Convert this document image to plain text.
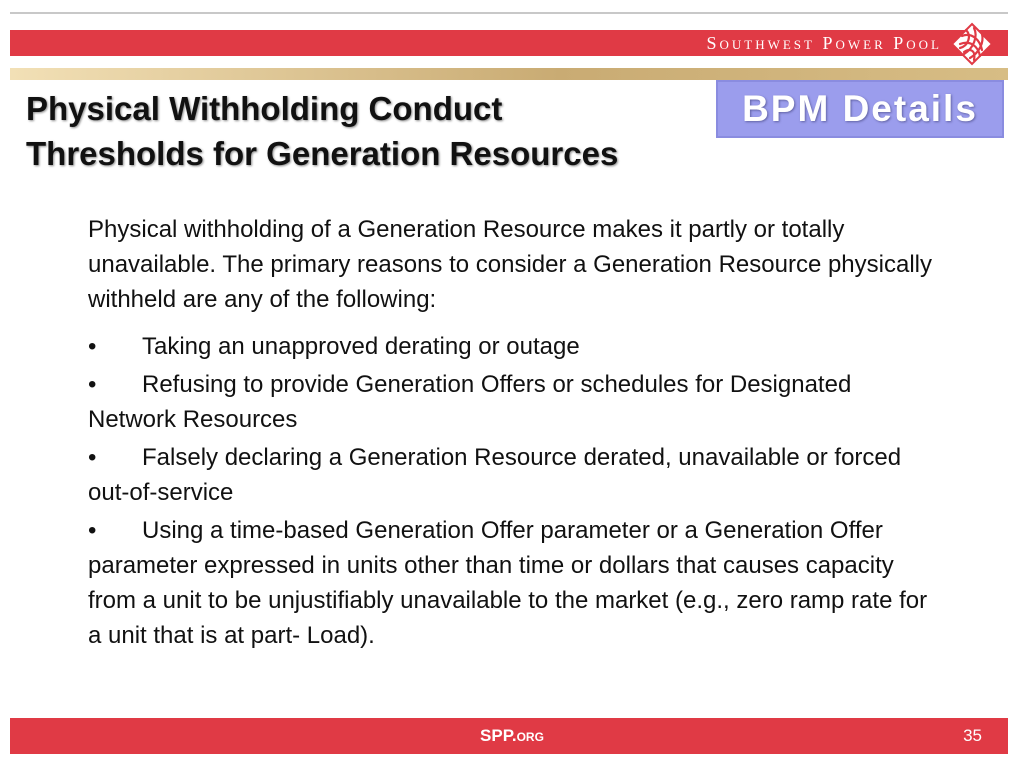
Southwest Power Pool
Physical Withholding Conduct
Thresholds for Generation Resources
BPM Details

Physical withholding of a Generation Resource makes it partly or totally unavailable. The primary reasons to consider a Generation Resource physically withheld are any of the following:

• Taking an unapproved derating or outage

• Refusing to provide Generation Offers or schedules for Designated Network Resources

• Falsely declaring a Generation Resource derated, unavailable or forced out-of-service

• Using a time-based Generation Offer parameter or a Generation Offer parameter expressed in units other than time or dollars that causes capacity from a unit to be unjustifiably unavailable to the market (e.g., zero ramp rate for a unit that is at part- Load).

SPP.org	35
